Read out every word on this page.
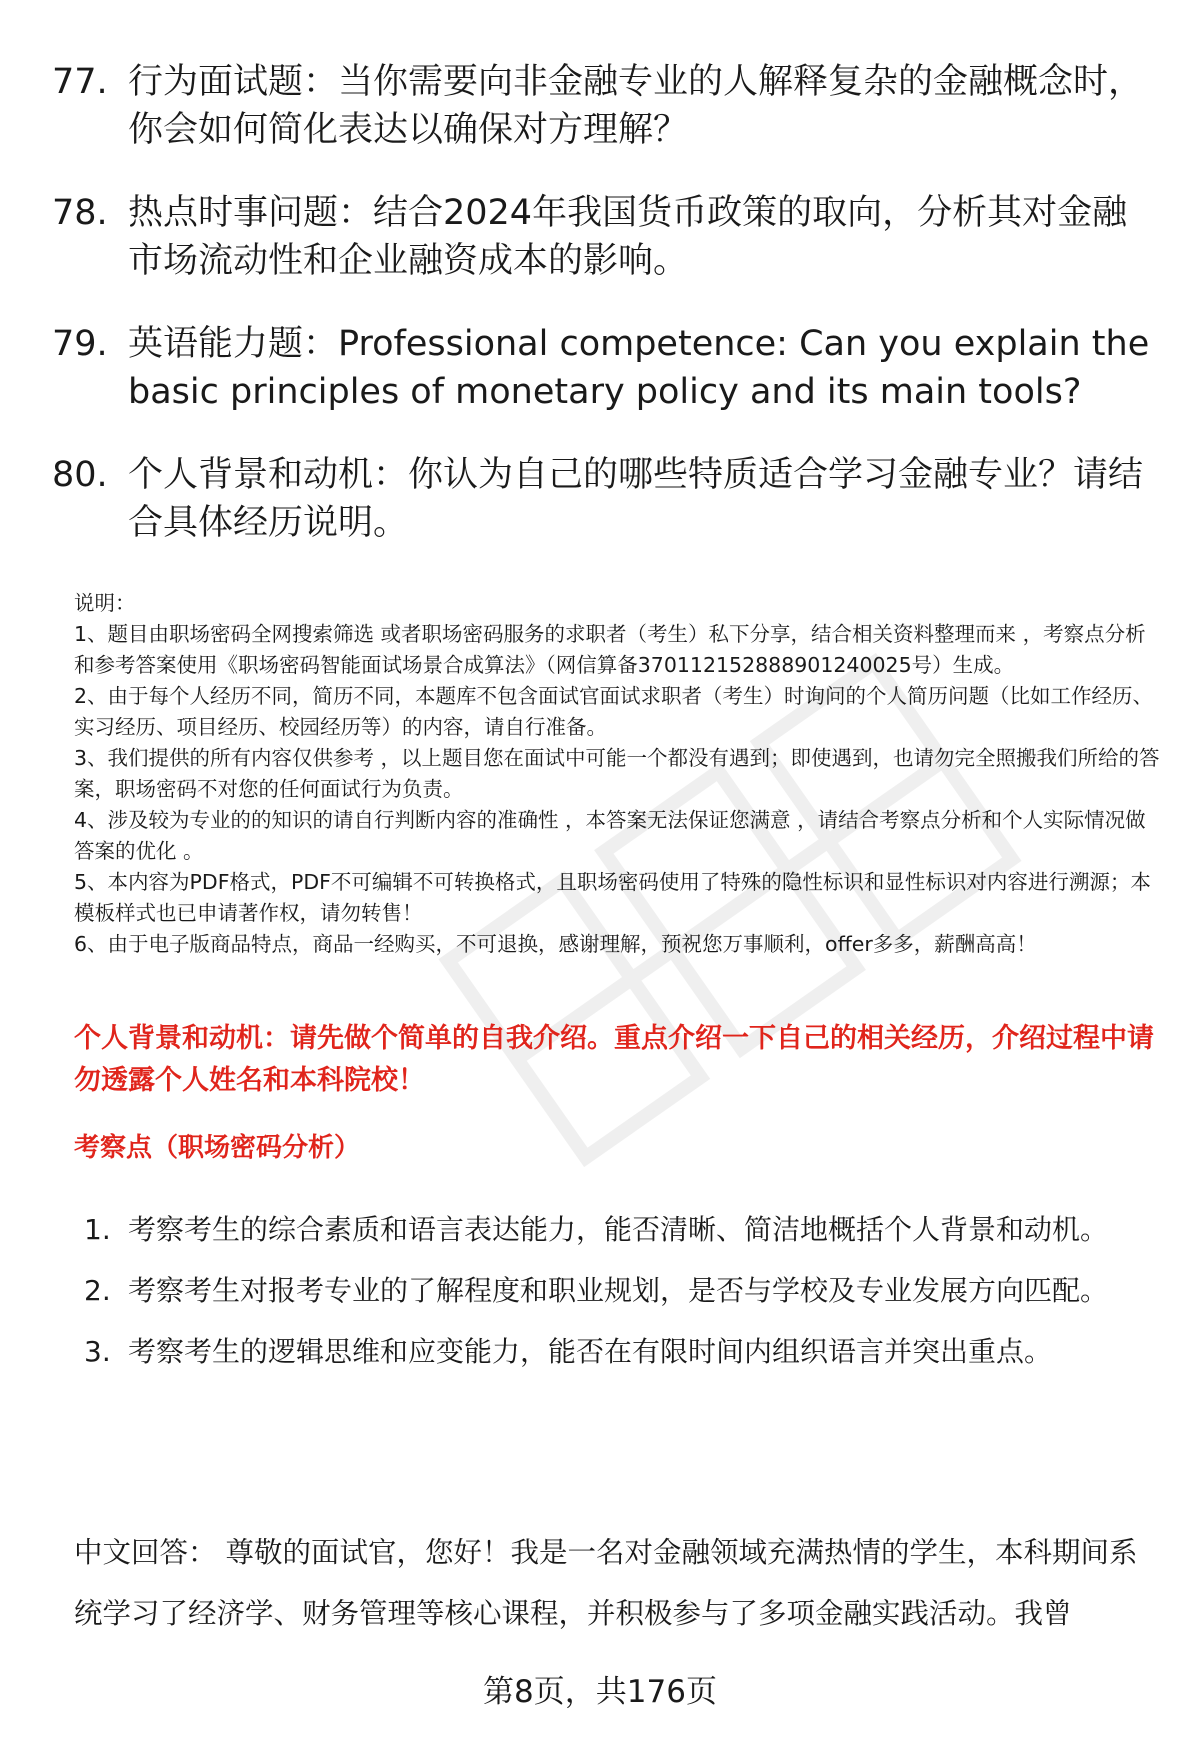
77. 行为面试题：当你需要向非金融专业的人解释复杂的金融概念时，你会如何简化表达以确保对方理解？
78. 热点时事问题：结合2024年我国货币政策的取向，分析其对金融市场流动性和企业融资成本的影响。
79. 英语能力题：Professional competence: Can you explain the basic principles of monetary policy and its main tools?
80. 个人背景和动机：你认为自己的哪些特质适合学习金融专业？请结合具体经历说明。

说明：

1、题目由职场密码全网搜索筛选 或者职场密码服务的求职者（考生）私下分享，结合相关资料整理而来 ，考察点分析和参考答案使用《职场密码智能面试场景合成算法》（网信算备370112152888901240025号）生成。

2、由于每个人经历不同，简历不同，本题库不包含面试官面试求职者（考生）时询问的个人简历问题（比如工作经历、实习经历、项目经历、校园经历等）的内容，请自行准备。

3、我们提供的所有内容仅供参考 ，以上题目您在面试中可能一个都没有遇到；即使遇到，也请勿完全照搬我们所给的答案，职场密码不对您的任何面试行为负责。

4、涉及较为专业的的知识的请自行判断内容的准确性 ，本答案无法保证您满意 ，请结合考察点分析和个人实际情况做答案的优化 。

5、本内容为PDF格式，PDF不可编辑不可转换格式，且职场密码使用了特殊的隐性标识和显性标识对内容进行溯源；本模板样式也已申请著作权，请勿转售！

6、由于电子版商品特点，商品一经购买，不可退换，感谢理解，预祝您万事顺利，offer多多，薪酬高高！

个人背景和动机：请先做个简单的自我介绍。重点介绍一下自己的相关经历，介绍过程中请勿透露个人姓名和本科院校！
考察点（职场密码分析）
1. 考察考生的综合素质和语言表达能力，能否清晰、简洁地概括个人背景和动机。
2. 考察考生对报考专业的了解程度和职业规划，是否与学校及专业发展方向匹配。
3. 考察考生的逻辑思维和应变能力，能否在有限时间内组织语言并突出重点。
中文回答： 尊敬的面试官，您好！我是一名对金融领域充满热情的学生，本科期间系统学习了经济学、财务管理等核心课程，并积极参与了多项金融实践活动。我曾
第8页，共176页
